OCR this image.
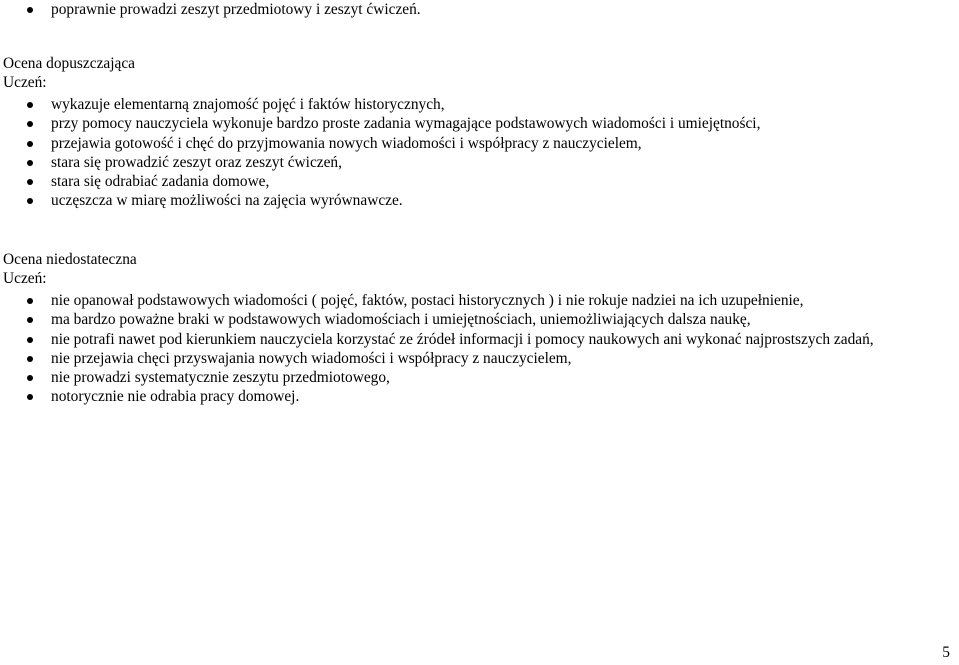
poprawnie prowadzi zeszyt przedmiotowy i zeszyt ćwiczeń.
Ocena dopuszczająca
Uczeń:
wykazuje elementarną znajomość pojęć i faktów historycznych,
przy pomocy nauczyciela wykonuje bardzo proste zadania wymagające podstawowych wiadomości i umiejętności,
przejawia gotowość i chęć do przyjmowania nowych wiadomości i współpracy z nauczycielem,
stara się prowadzić zeszyt oraz zeszyt ćwiczeń,
stara się odrabiać zadania domowe,
uczęszcza w miarę możliwości na zajęcia wyrównawcze.
Ocena niedostateczna
Uczeń:
nie opanował podstawowych wiadomości ( pojęć, faktów, postaci historycznych ) i nie rokuje nadziei na ich uzupełnienie,
ma bardzo poważne braki w podstawowych wiadomościach i umiejętnościach, uniemożliwiających dalsza naukę,
nie potrafi nawet pod kierunkiem nauczyciela korzystać ze źródeł informacji i pomocy naukowych ani wykonać najprostszych zadań,
nie przejawia chęci przyswajania nowych wiadomości i współpracy z nauczycielem,
nie prowadzi systematycznie zeszytu przedmiotowego,
notorycznie nie odrabia pracy domowej.
5
